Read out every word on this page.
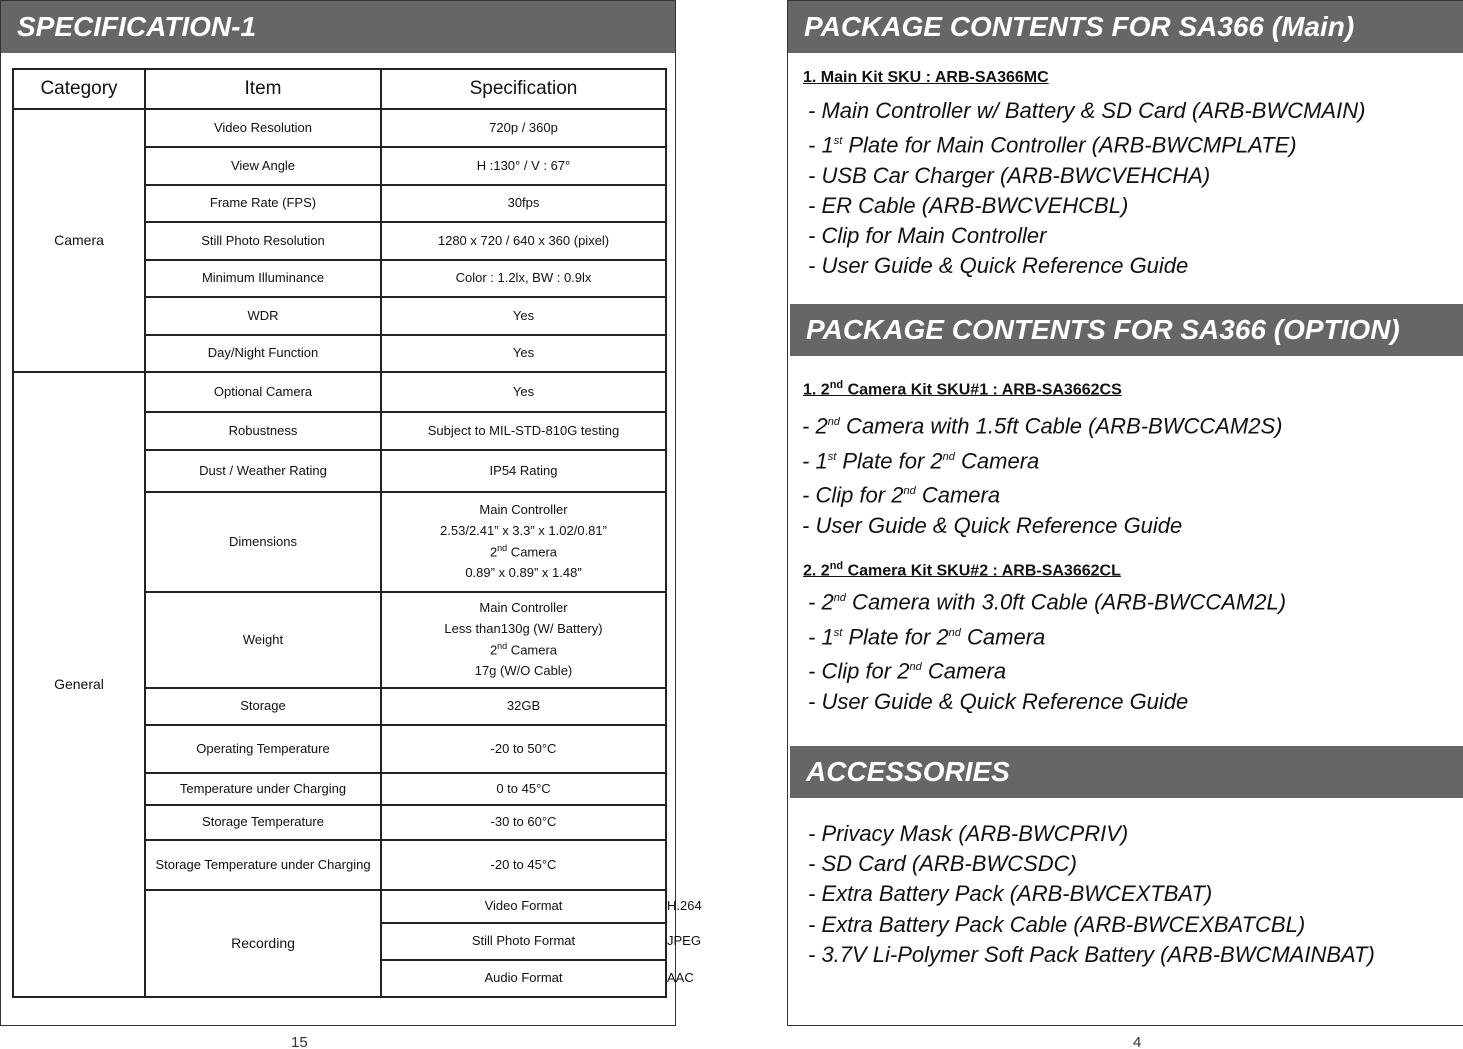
SPECIFICATION-1
Category	Item	Specification	
Camera	Video Resolution	720p / 360p	
	View Angle	H :130° / V : 67°	
	Frame Rate (FPS)	30fps	
	Still Photo Resolution	1280 x 720 / 640 x 360 (pixel)	
	Minimum Illuminance	Color : 1.2lx, BW : 0.9lx	
	WDR	Yes	
	Day/Night Function	Yes	
General	Optional Camera	Yes	
	Robustness	Subject to MIL-STD-810G testing	
	Dust / Weather Rating	IP54 Rating	
	Dimensions	Main Controller
2.53/2.41” x 3.3” x 1.02/0.81”
2nd Camera
0.89” x 0.89” x 1.48”	

	Weight	Main Controller
Less than130g (W/ Battery)
2nd Camera
17g (W/O Cable)	

	Storage	32GB	
	Operating Temperature	-20 to 50°C	
	Temperature under Charging	0 to 45°C	
	Storage Temperature	-30 to 60°C	
	Storage Temperature under Charging	-20 to 45°C	
	Recording	Video Format	H.264
		Still Photo Format	JPEG
		Audio Format	AAC
15
PACKAGE CONTENTS FOR SA366 (Main)
1. Main Kit SKU : ARB-SA366MC
- Main Controller w/ Battery & SD Card (ARB-BWCMAIN)
- 1st Plate for Main Controller (ARB-BWCMPLATE)
- USB Car Charger (ARB-BWCVEHCHA)
- ER Cable (ARB-BWCVEHCBL)
- Clip for Main Controller
- User Guide & Quick Reference Guide
PACKAGE CONTENTS FOR SA366 (OPTION)
1. 2nd Camera Kit SKU#1 : ARB-SA3662CS
- 2nd Camera with 1.5ft Cable (ARB-BWCCAM2S)
- 1st Plate for 2nd Camera
- Clip for 2nd Camera
- User Guide & Quick Reference Guide
2. 2nd Camera Kit SKU#2 : ARB-SA3662CL
- 2nd Camera with 3.0ft Cable (ARB-BWCCAM2L)
- 1st Plate for 2nd Camera
- Clip for 2nd Camera
- User Guide & Quick Reference Guide
ACCESSORIES
- Privacy Mask (ARB-BWCPRIV)
- SD Card (ARB-BWCSDC)
- Extra Battery Pack (ARB-BWCEXTBAT)
- Extra Battery Pack Cable (ARB-BWCEXBATCBL)
- 3.7V Li-Polymer Soft Pack Battery (ARB-BWCMAINBAT)
4
